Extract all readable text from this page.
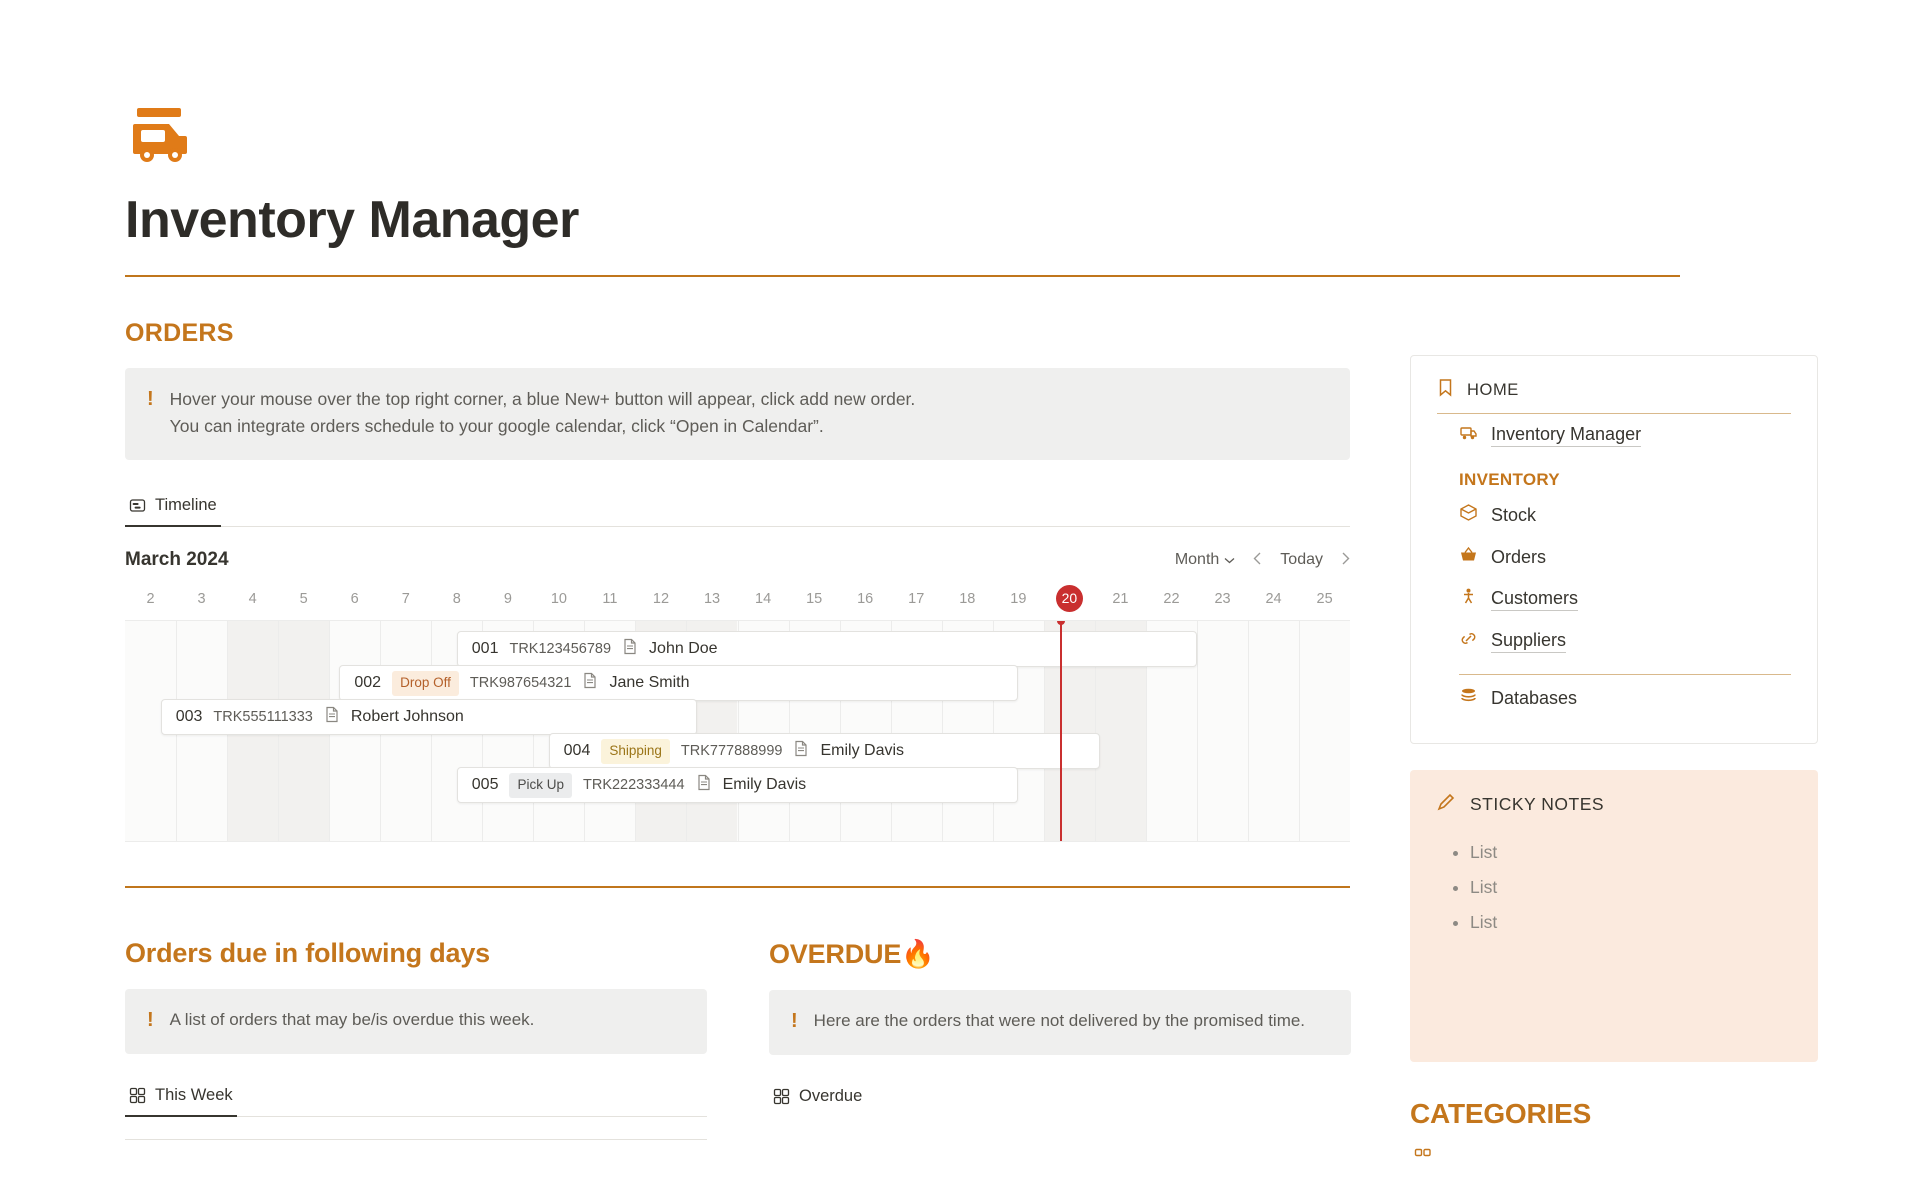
Inventory Manager
ORDERS
! Hover your mouse over the top right corner, a blue New+ button will appear, click add new order.
You can integrate orders schedule to your google calendar, click “Open in Calendar”.
Timeline
March 2024	Month	Today
2	3	4	5	6	7	8	9	10	11	12	13	14	15	16	17	18	19	20	21	22	23	24	25
001 TRK123456789 John Doe
002	Drop Off	TRK987654321 Jane Smith
003 TRK555111333 Robert Johnson
004	Shipping	TRK777888999 Emily Davis
005	Pick Up	TRK222333444 Emily Davis
Orders due in following days
! A list of orders that may be/is overdue this week.
This Week
OVERDUE🔥
! Here are the orders that were not delivered by the promised time.
Overdue
HOME
Inventory Manager
INVENTORY
Stock
Orders
Customers
Suppliers
Databases
STICKY NOTES
• List
• List
• List
CATEGORIES
